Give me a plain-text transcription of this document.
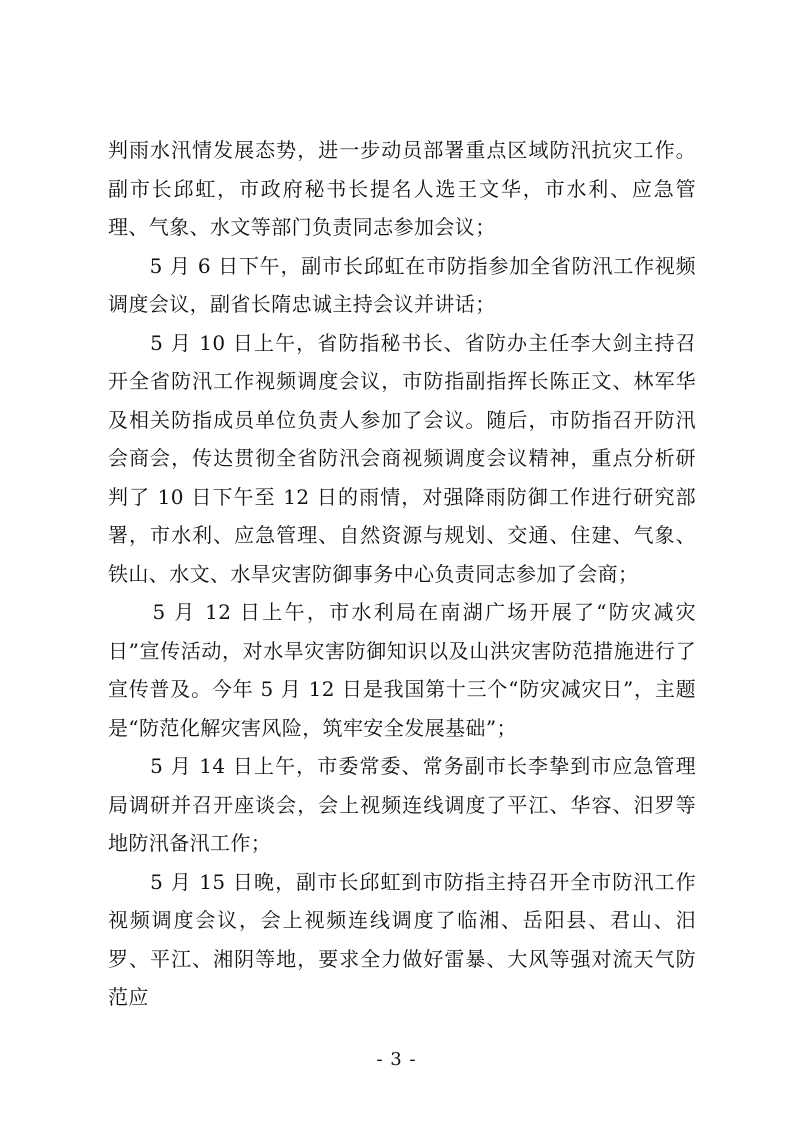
判雨水汛情发展态势，进一步动员部署重点区域防汛抗灾工作。副市长邱虹，市政府秘书长提名人选王文华，市水利、应急管理、气象、水文等部门负责同志参加会议；

　　5 月 6 日下午，副市长邱虹在市防指参加全省防汛工作视频调度会议，副省长隋忠诚主持会议并讲话；

　　5 月 10 日上午，省防指秘书长、省防办主任李大剑主持召开全省防汛工作视频调度会议，市防指副指挥长陈正文、林军华及相关防指成员单位负责人参加了会议。随后，市防指召开防汛会商会，传达贯彻全省防汛会商视频调度会议精神，重点分析研判了 10 日下午至 12 日的雨情，对强降雨防御工作进行研究部署，市水利、应急管理、自然资源与规划、交通、住建、气象、铁山、水文、水旱灾害防御事务中心负责同志参加了会商；

　　5 月 12 日上午，市水利局在南湖广场开展了“防灾减灾日”宣传活动，对水旱灾害防御知识以及山洪灾害防范措施进行了宣传普及。今年 5 月 12 日是我国第十三个“防灾减灾日”，主题是“防范化解灾害风险，筑牢安全发展基础”；

　　5 月 14 日上午，市委常委、常务副市长李挚到市应急管理局调研并召开座谈会，会上视频连线调度了平江、华容、汨罗等地防汛备汛工作；

　　5 月 15 日晚，副市长邱虹到市防指主持召开全市防汛工作视频调度会议，会上视频连线调度了临湘、岳阳县、君山、汨罗、平江、湘阴等地，要求全力做好雷暴、大风等强对流天气防范应

- 3 -
